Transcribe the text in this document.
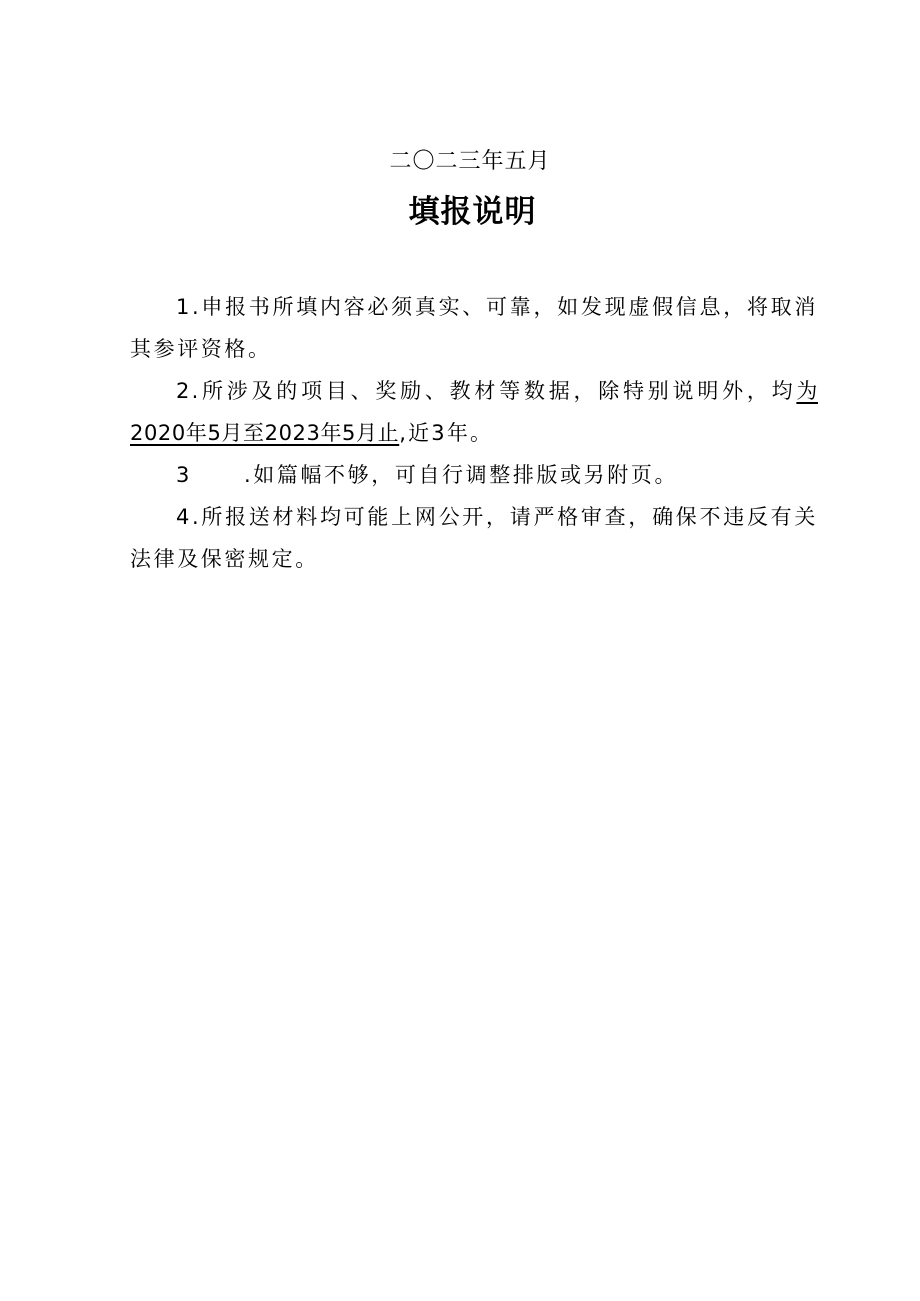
二〇二三年五月
填报说明

1.申报书所填内容必须真实、可靠，如发现虚假信息，将取消其参评资格。

2.所涉及的项目、奖励、教材等数据，除特别说明外，均为2020年5月至2023年5月止,近3年。

3 .如篇幅不够，可自行调整排版或另附页。

4.所报送材料均可能上网公开，请严格审查，确保不违反有关法律及保密规定。
